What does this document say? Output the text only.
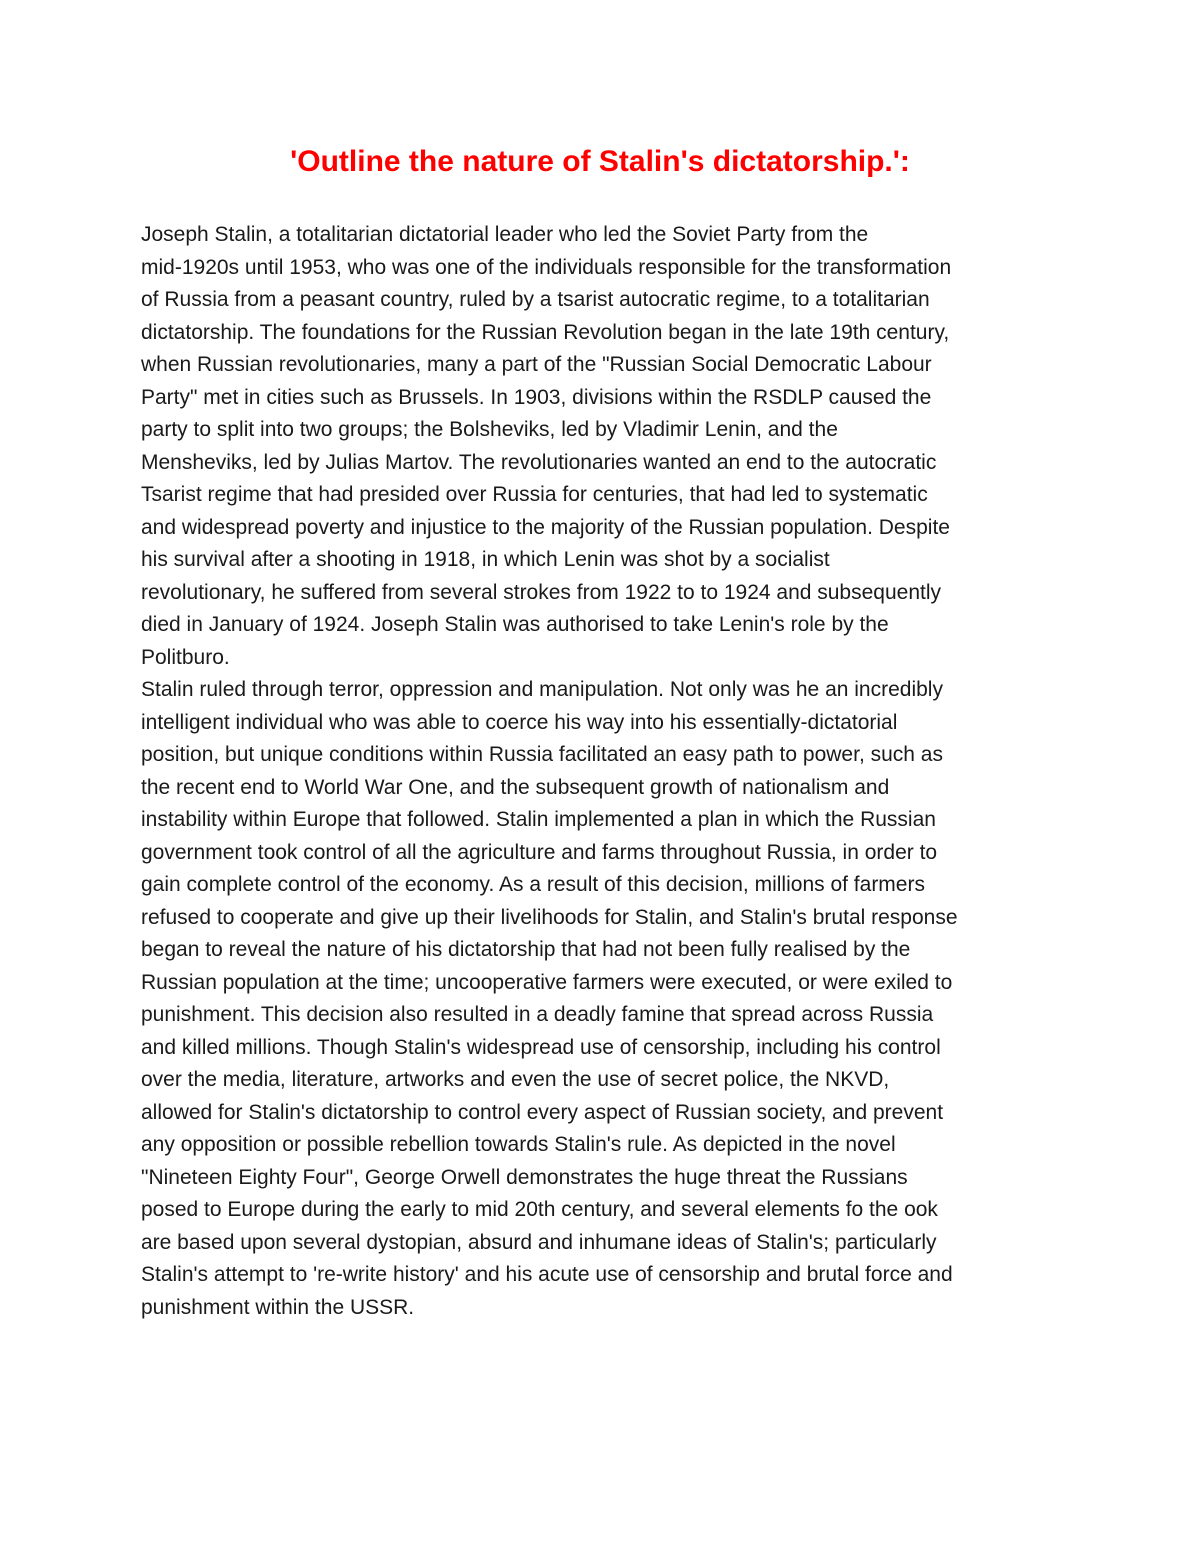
'Outline the nature of Stalin's dictatorship.':

Joseph Stalin, a totalitarian dictatorial leader who led the Soviet Party from the
mid-1920s until 1953, who was one of the individuals responsible for the transformation
of Russia from a peasant country, ruled by a tsarist autocratic regime, to a totalitarian
dictatorship. The foundations for the Russian Revolution began in the late 19th century,
when Russian revolutionaries, many a part of the "Russian Social Democratic Labour
Party" met in cities such as Brussels. In 1903, divisions within the RSDLP caused the
party to split into two groups; the Bolsheviks, led by Vladimir Lenin, and the
Mensheviks, led by Julias Martov. The revolutionaries wanted an end to the autocratic
Tsarist regime that had presided over Russia for centuries, that had led to systematic
and widespread poverty and injustice to the majority of the Russian population. Despite
his survival after a shooting in 1918, in which Lenin was shot by a socialist
revolutionary, he suffered from several strokes from 1922 to to 1924 and subsequently
died in January of 1924. Joseph Stalin was authorised to take Lenin's role by the
Politburo.

Stalin ruled through terror, oppression and manipulation. Not only was he an incredibly
intelligent individual who was able to coerce his way into his essentially-dictatorial
position, but unique conditions within Russia facilitated an easy path to power, such as
the recent end to World War One, and the subsequent growth of nationalism and
instability within Europe that followed. Stalin implemented a plan in which the Russian
government took control of all the agriculture and farms throughout Russia, in order to
gain complete control of the economy. As a result of this decision, millions of farmers
refused to cooperate and give up their livelihoods for Stalin, and Stalin's brutal response
began to reveal the nature of his dictatorship that had not been fully realised by the
Russian population at the time; uncooperative farmers were executed, or were exiled to
punishment. This decision also resulted in a deadly famine that spread across Russia
and killed millions. Though Stalin's widespread use of censorship, including his control
over the media, literature, artworks and even the use of secret police, the NKVD,
allowed for Stalin's dictatorship to control every aspect of Russian society, and prevent
any opposition or possible rebellion towards Stalin's rule. As depicted in the novel
"Nineteen Eighty Four", George Orwell demonstrates the huge threat the Russians
posed to Europe during the early to mid 20th century, and several elements fo the ook
are based upon several dystopian, absurd and inhumane ideas of Stalin's; particularly
Stalin's attempt to 're-write history' and his acute use of censorship and brutal force and
punishment within the USSR.
